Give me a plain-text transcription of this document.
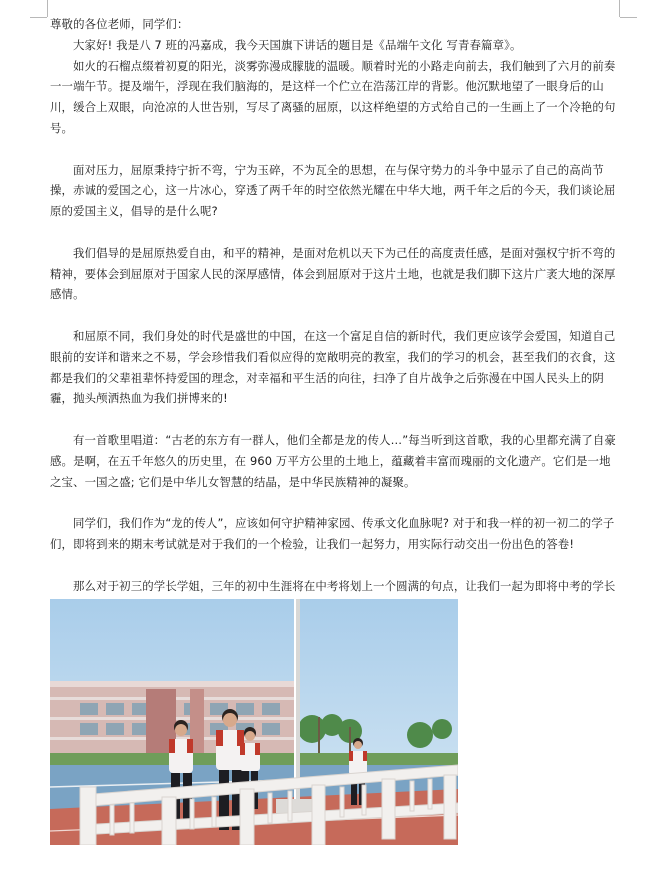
尊敬的各位老师，同学们：

大家好! 我是八 7 班的冯嘉成，我今天国旗下讲话的题目是《品端午文化 写青春篇章》。

如火的石榴点缀着初夏的阳光，淡雾弥漫成朦胧的温暖。顺着时光的小路走向前去，我们触到了六月的前奏一一端午节。提及端午，浮现在我们脑海的，是这样一个伫立在浩荡江岸的背影。他沉默地望了一眼身后的山川，缓合上双眼，向沧凉的人世告别，写尽了离骚的屈原，以这样绝望的方式给自己的一生画上了一个冷艳的句号。

面对压力，屈原秉持宁折不弯，宁为玉碎，不为瓦全的思想，在与保守势力的斗争中显示了自己的高尚节操，赤诚的爱国之心，这一片冰心，穿透了两千年的时空依然光耀在中华大地，两千年之后的今天，我们谈论屈原的爱国主义，倡导的是什么呢?

我们倡导的是屈原热爱自由，和平的精神，是面对危机以天下为己任的高度责任感，是面对强权宁折不弯的精神，要体会到屈原对于国家人民的深厚感情，体会到屈原对于这片土地，也就是我们脚下这片广袤大地的深厚感情。

和屈原不同，我们身处的时代是盛世的中国，在这一个富足自信的新时代，我们更应该学会爱国，知道自己眼前的安详和谐来之不易，学会珍惜我们看似应得的宽敞明亮的教室，我们的学习的机会，甚至我们的衣食，这都是我们的父辈祖辈怀持爱国的理念，对幸福和平生活的向往，扫净了自片战争之后弥漫在中国人民头上的阴霾，抛头颅洒热血为我们拼博来的!

有一首歌里唱道：“古老的东方有一群人，他们全都是龙的传人…”每当听到这首歌，我的心里都充满了自豪感。是啊，在五千年悠久的历史里，在 960 万平方公里的土地上，蕴藏着丰富而瑰丽的文化遗产。它们是一地之宝、一国之盛; 它们是中华儿女智慧的结晶，是中华民族精神的凝聚。

同学们，我们作为“龙的传人”，应该如何守护精神家园、传承文化血脉呢? 对于和我一样的初一初二的学子们，即将到来的期末考试就是对于我们的一个检验，让我们一起努力，用实际行动交出一份出色的答卷!

那么对于初三的学长学姐，三年的初中生涯将在中考将划上一个圆满的句点，让我们一起为即将中考的学长
